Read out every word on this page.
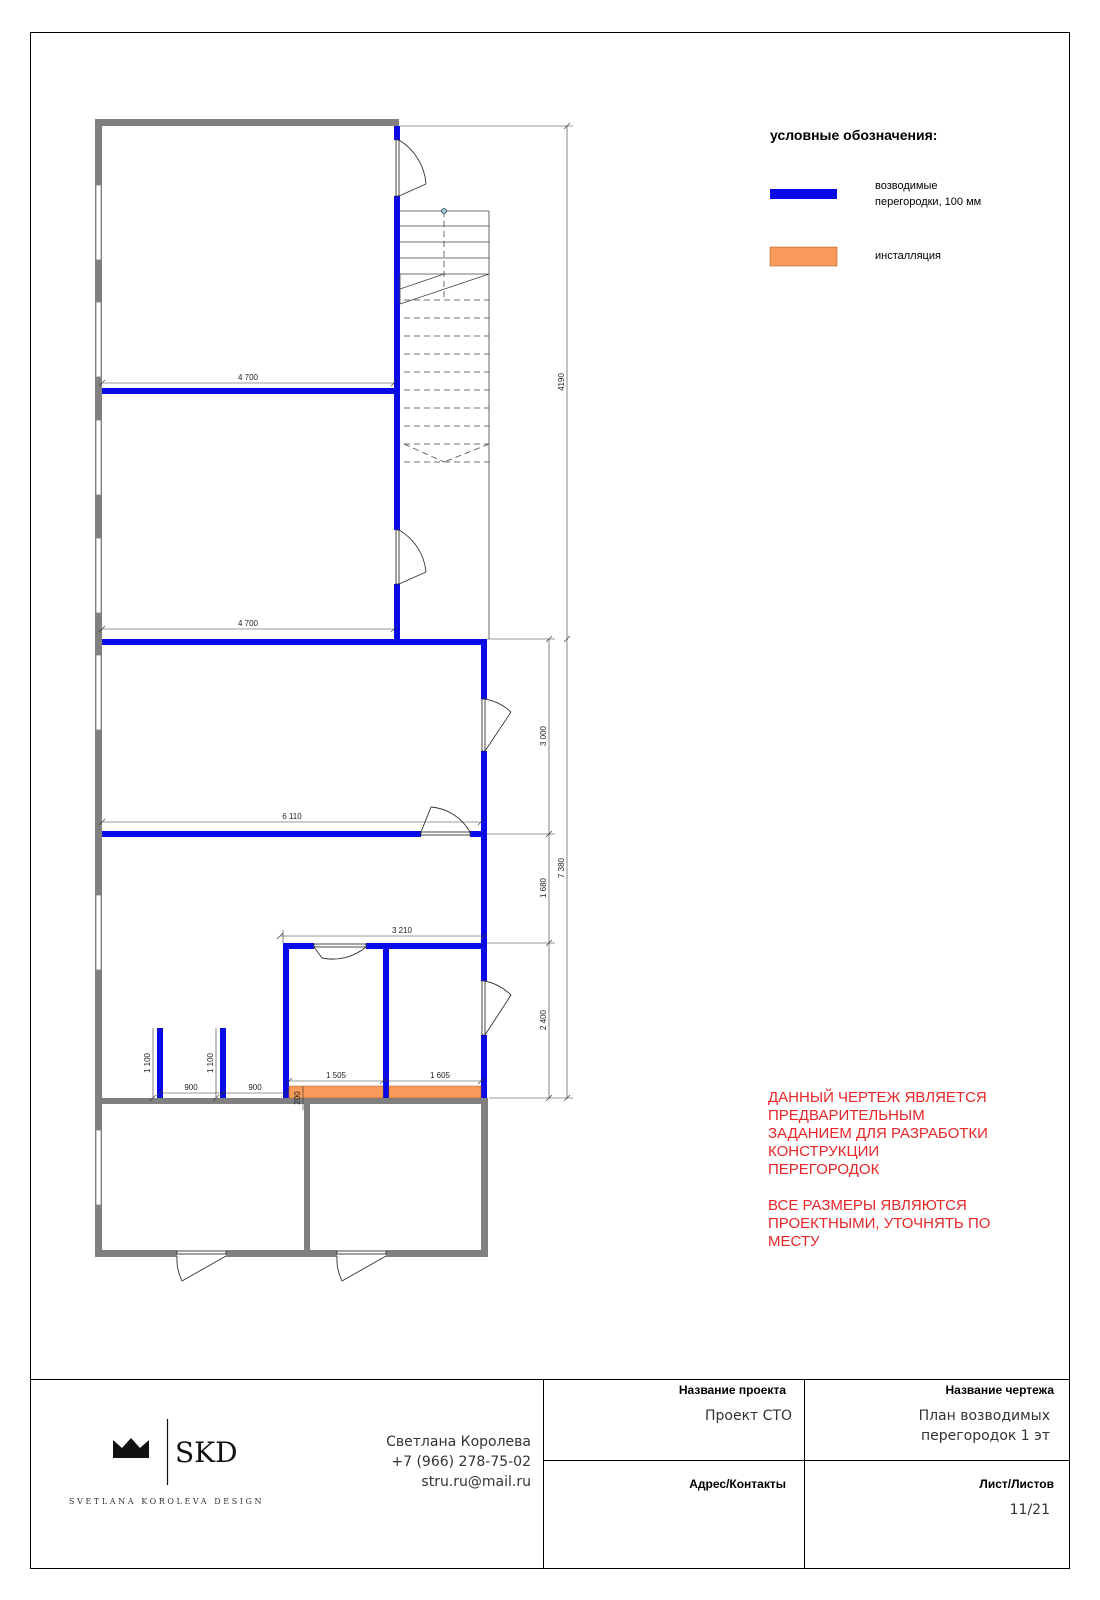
4 700
4 700
6 110
3 210
1 505	1 605
900	900
1 100	1 100
4190
3 000
1 680
2 400
7 380
200
условные обозначения:
возводимые
перегородки, 100 мм
инсталляция
ДАННЫЙ ЧЕРТЕЖ ЯВЛЯЕТСЯ
ПРЕДВАРИТЕЛЬНЫМ
ЗАДАНИЕМ ДЛЯ РАЗРАБОТКИ
КОНСТРУКЦИИ
ПЕРЕГОРОДОК
ВСЕ РАЗМЕРЫ ЯВЛЯЮТСЯ
ПРОЕКТНЫМИ, УТОЧНЯТЬ ПО
МЕСТУ
SKD
SVETLANA KOROLEVA DESIGN
Светлана Королева
+7 (966) 278-75-02
stru.ru@mail.ru
Название проекта
Проект СТО
Название чертежа
План возводимых
перегородок 1 эт
Адрес/Контакты	Лист/Листов
11/21
